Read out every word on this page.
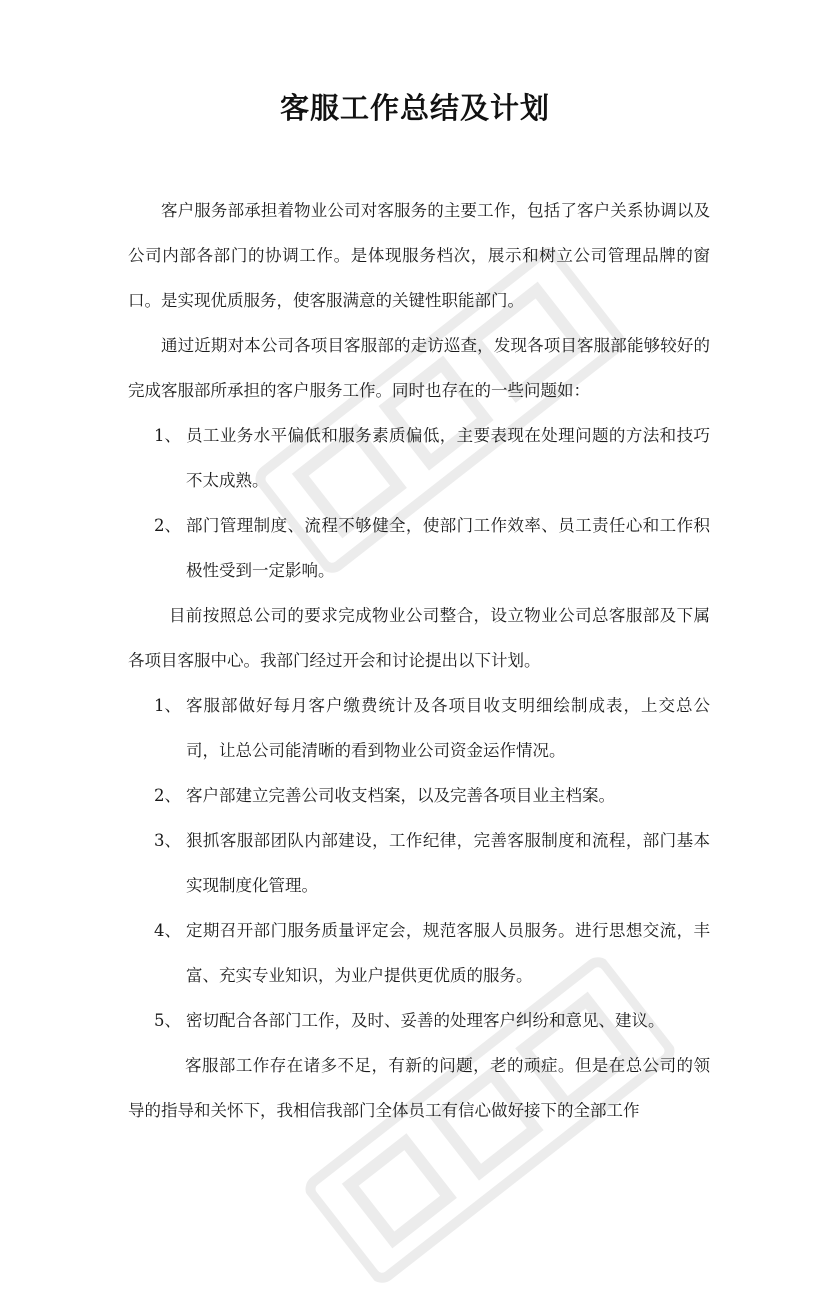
客服工作总结及计划

客户服务部承担着物业公司对客服务的主要工作，包括了客户关系协调以及公司内部各部门的协调工作。是体现服务档次，展示和树立公司管理品牌的窗口。是实现优质服务，使客服满意的关键性职能部门。

通过近期对本公司各项目客服部的走访巡查，发现各项目客服部能够较好的完成客服部所承担的客户服务工作。同时也存在的一些问题如：

1、 员工业务水平偏低和服务素质偏低，主要表现在处理问题的方法和技巧不太成熟。
2、 部门管理制度、流程不够健全，使部门工作效率、员工责任心和工作积极性受到一定影响。

目前按照总公司的要求完成物业公司整合，设立物业公司总客服部及下属各项目客服中心。我部门经过开会和讨论提出以下计划。

1、 客服部做好每月客户缴费统计及各项目收支明细绘制成表，上交总公司，让总公司能清晰的看到物业公司资金运作情况。
2、 客户部建立完善公司收支档案，以及完善各项目业主档案。
3、 狠抓客服部团队内部建设，工作纪律，完善客服制度和流程，部门基本实现制度化管理。
4、 定期召开部门服务质量评定会，规范客服人员服务。进行思想交流，丰富、充实专业知识，为业户提供更优质的服务。
5、 密切配合各部门工作，及时、妥善的处理客户纠纷和意见、建议。

客服部工作存在诸多不足，有新的问题，老的顽症。但是在总公司的领导的指导和关怀下，我相信我部门全体员工有信心做好接下的全部工作
